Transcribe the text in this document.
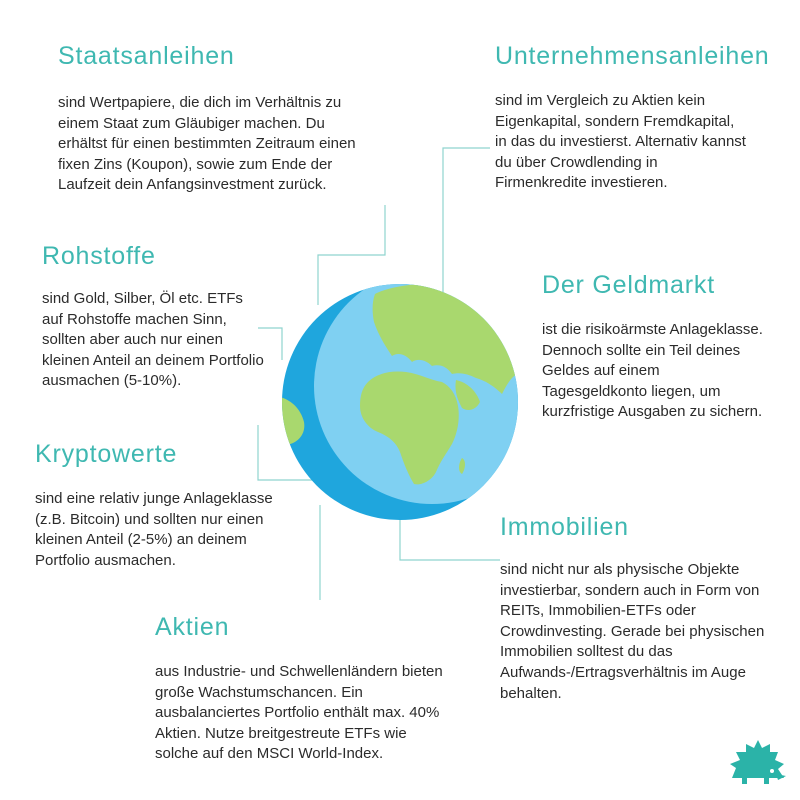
Staatsanleihen

sind Wertpapiere, die dich im Verhältnis zu einem Staat zum Gläubiger machen. Du erhältst für einen bestimmten Zeitraum einen fixen Zins (Koupon), sowie zum Ende der Laufzeit dein Anfangsinvestment zurück.

Unternehmensanleihen

sind im Vergleich zu Aktien kein Eigenkapital, sondern Fremdkapital, in das du investierst. Alternativ kannst du über Crowdlending in Firmenkredite investieren.

Rohstoffe

sind Gold, Silber, Öl etc. ETFs auf Rohstoffe machen Sinn, sollten aber auch nur einen kleinen Anteil an deinem Portfolio ausmachen (5-10%).

Der Geldmarkt

ist die risikoärmste Anlageklasse. Dennoch sollte ein Teil deines Geldes auf einem Tagesgeldkonto liegen, um kurzfristige Ausgaben zu sichern.

Kryptowerte

sind eine relativ junge Anlageklasse (z.B. Bitcoin) und sollten nur einen kleinen Anteil (2-5%) an deinem Portfolio ausmachen.

Immobilien

sind nicht nur als physische Objekte investierbar, sondern auch in Form von REITs, Immobilien-ETFs oder Crowdinvesting. Gerade bei physischen Immobilien solltest du das Aufwands-/Ertragsverhältnis im Auge behalten.

Aktien

aus Industrie- und Schwellenländern bieten große Wachstumschancen. Ein ausbalanciertes Portfolio enthält max. 40% Aktien. Nutze breitgestreute ETFs wie solche auf den MSCI World-Index.
